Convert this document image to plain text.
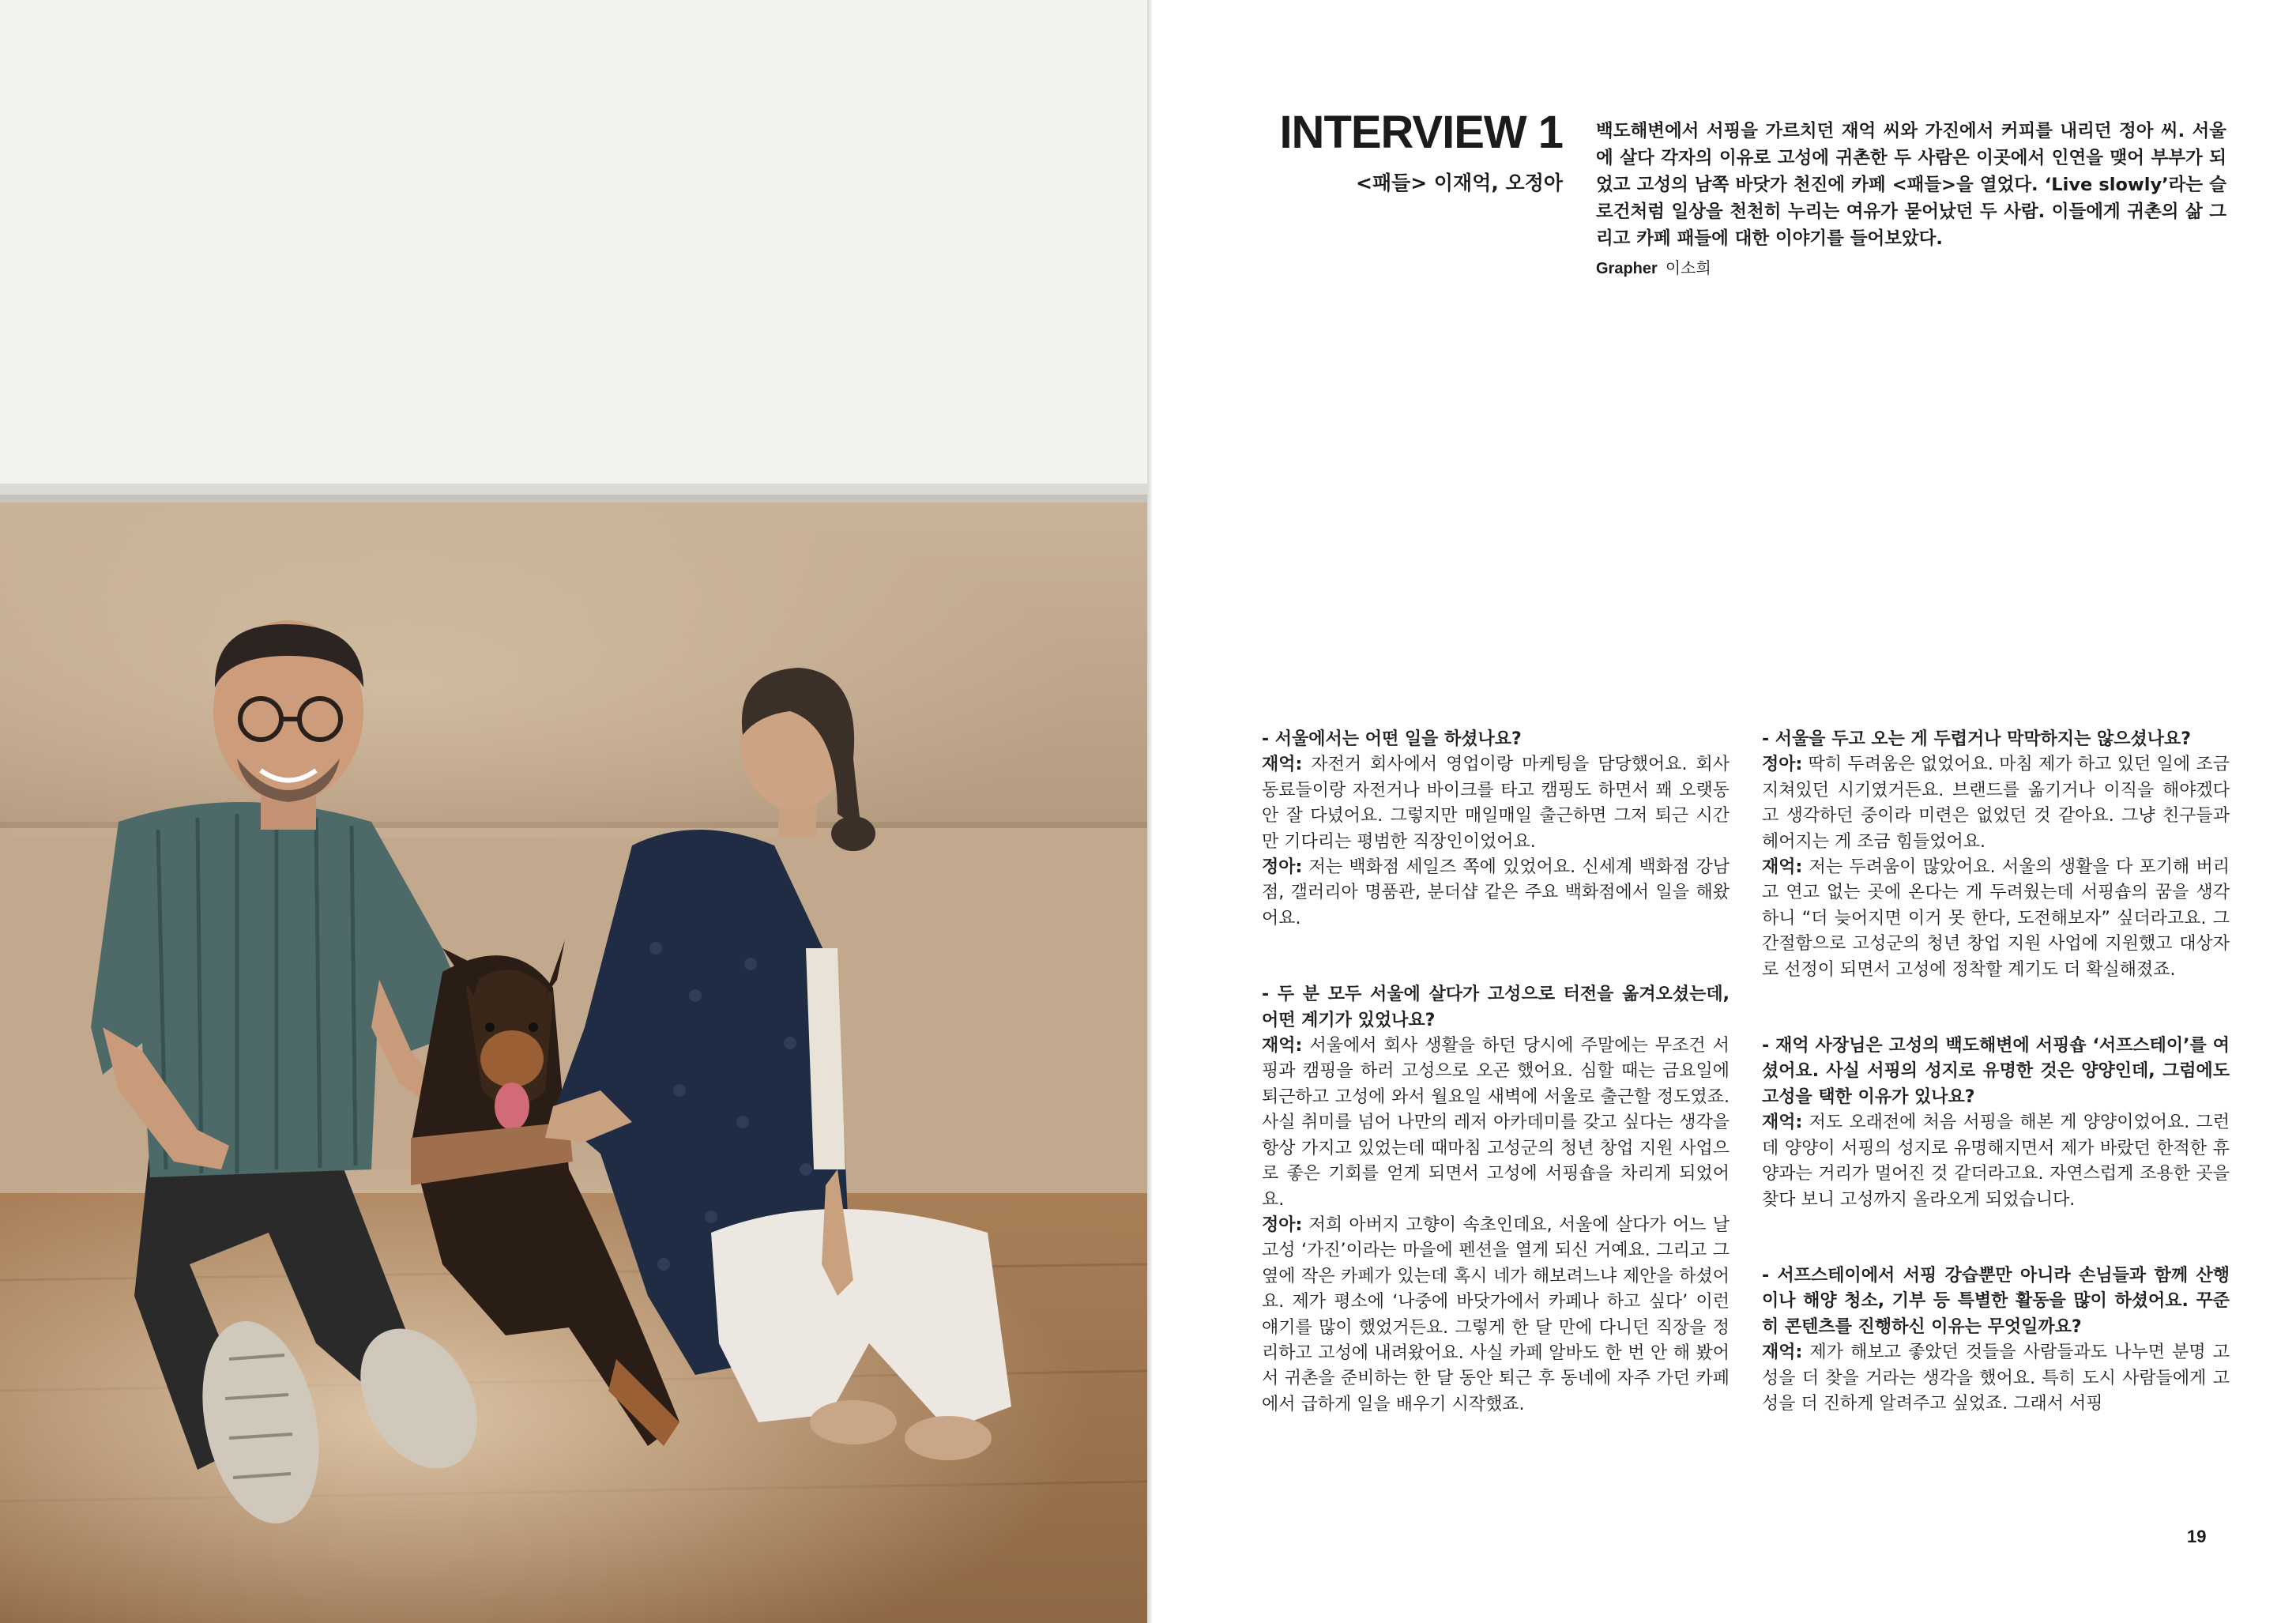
INTERVIEW 1
<패들> 이재억, 오정아

백도해변에서 서핑을 가르치던 재억 씨와 가진에서 커피를 내리던 정아 씨. 서울에 살다 각자의 이유로 고성에 귀촌한 두 사람은 이곳에서 인연을 맺어 부부가 되었고 고성의 남쪽 바닷가 천진에 카페 <패들>을 열었다. ‘Live slowly’라는 슬로건처럼 일상을 천천히 누리는 여유가 묻어났던 두 사람. 이들에게 귀촌의 삶 그리고 카페 패들에 대한 이야기를 들어보았다.

Grapher 이소희
- 서울에서는 어떤 일을 하셨나요?
재억: 자전거 회사에서 영업이랑 마케팅을 담당했어요. 회사 동료들이랑 자전거나 바이크를 타고 캠핑도 하면서 꽤 오랫동안 잘 다녔어요. 그렇지만 매일매일 출근하면 그저 퇴근 시간만 기다리는 평범한 직장인이었어요.
정아: 저는 백화점 세일즈 쪽에 있었어요. 신세계 백화점 강남점, 갤러리아 명품관, 분더샵 같은 주요 백화점에서 일을 해왔어요.
- 두 분 모두 서울에 살다가 고성으로 터전을 옮겨오셨는데, 어떤 계기가 있었나요?
재억: 서울에서 회사 생활을 하던 당시에 주말에는 무조건 서핑과 캠핑을 하러 고성으로 오곤 했어요. 심할 때는 금요일에 퇴근하고 고성에 와서 월요일 새벽에 서울로 출근할 정도였죠. 사실 취미를 넘어 나만의 레저 아카데미를 갖고 싶다는 생각을 항상 가지고 있었는데 때마침 고성군의 청년 창업 지원 사업으로 좋은 기회를 얻게 되면서 고성에 서핑숍을 차리게 되었어요.
정아: 저희 아버지 고향이 속초인데요, 서울에 살다가 어느 날 고성 ‘가진’이라는 마을에 펜션을 열게 되신 거예요. 그리고 그 옆에 작은 카페가 있는데 혹시 네가 해보려느냐 제안을 하셨어요. 제가 평소에 ‘나중에 바닷가에서 카페나 하고 싶다’ 이런 얘기를 많이 했었거든요. 그렇게 한 달 만에 다니던 직장을 정리하고 고성에 내려왔어요. 사실 카페 알바도 한 번 안 해 봤어서 귀촌을 준비하는 한 달 동안 퇴근 후 동네에 자주 가던 카페에서 급하게 일을 배우기 시작했죠.
- 서울을 두고 오는 게 두렵거나 막막하지는 않으셨나요?
정아: 딱히 두려움은 없었어요. 마침 제가 하고 있던 일에 조금 지쳐있던 시기였거든요. 브랜드를 옮기거나 이직을 해야겠다고 생각하던 중이라 미련은 없었던 것 같아요. 그냥 친구들과 헤어지는 게 조금 힘들었어요.
재억: 저는 두려움이 많았어요. 서울의 생활을 다 포기해 버리고 연고 없는 곳에 온다는 게 두려웠는데 서핑숍의 꿈을 생각하니 “더 늦어지면 이거 못 한다, 도전해보자” 싶더라고요. 그 간절함으로 고성군의 청년 창업 지원 사업에 지원했고 대상자로 선정이 되면서 고성에 정착할 계기도 더 확실해졌죠.
- 재억 사장님은 고성의 백도해변에 서핑숍 ‘서프스테이’를 여셨어요. 사실 서핑의 성지로 유명한 것은 양양인데, 그럼에도 고성을 택한 이유가 있나요?
재억: 저도 오래전에 처음 서핑을 해본 게 양양이었어요. 그런데 양양이 서핑의 성지로 유명해지면서 제가 바랐던 한적한 휴양과는 거리가 멀어진 것 같더라고요. 자연스럽게 조용한 곳을 찾다 보니 고성까지 올라오게 되었습니다.
- 서프스테이에서 서핑 강습뿐만 아니라 손님들과 함께 산행이나 해양 청소, 기부 등 특별한 활동을 많이 하셨어요. 꾸준히 콘텐츠를 진행하신 이유는 무엇일까요?
재억: 제가 해보고 좋았던 것들을 사람들과도 나누면 분명 고성을 더 찾을 거라는 생각을 했어요. 특히 도시 사람들에게 고성을 더 진하게 알려주고 싶었죠. 그래서 서핑
19
